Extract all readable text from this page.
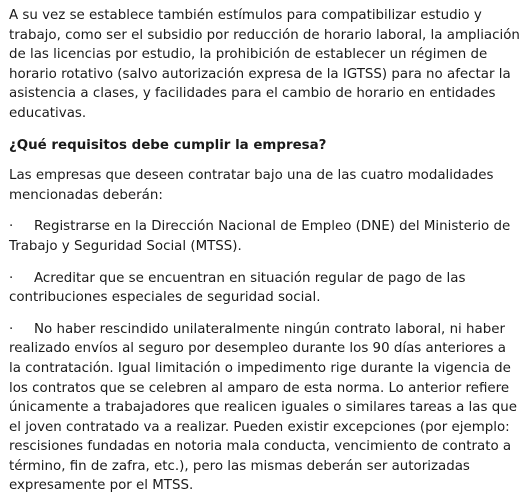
A su vez se establece también estímulos para compatibilizar estudio y trabajo, como ser el subsidio por reducción de horario laboral, la ampliación de las licencias por estudio, la prohibición de establecer un régimen de horario rotativo (salvo autorización expresa de la IGTSS) para no afectar la asistencia a clases, y facilidades para el cambio de horario en entidades educativas.

¿Qué requisitos debe cumplir la empresa?

Las empresas que deseen contratar bajo una de las cuatro modalidades mencionadas deberán:

· Registrarse en la Dirección Nacional de Empleo (DNE) del Ministerio de Trabajo y Seguridad Social (MTSS).

· Acreditar que se encuentran en situación regular de pago de las contribuciones especiales de seguridad social.

· No haber rescindido unilateralmente ningún contrato laboral, ni haber realizado envíos al seguro por desempleo durante los 90 días anteriores a la contratación. Igual limitación o impedimento rige durante la vigencia de los contratos que se celebren al amparo de esta norma. Lo anterior refiere únicamente a trabajadores que realicen iguales o similares tareas a las que el joven contratado va a realizar. Pueden existir excepciones (por ejemplo: rescisiones fundadas en notoria mala conducta, vencimiento de contrato a término, fin de zafra, etc.), pero las mismas deberán ser autorizadas expresamente por el MTSS.
